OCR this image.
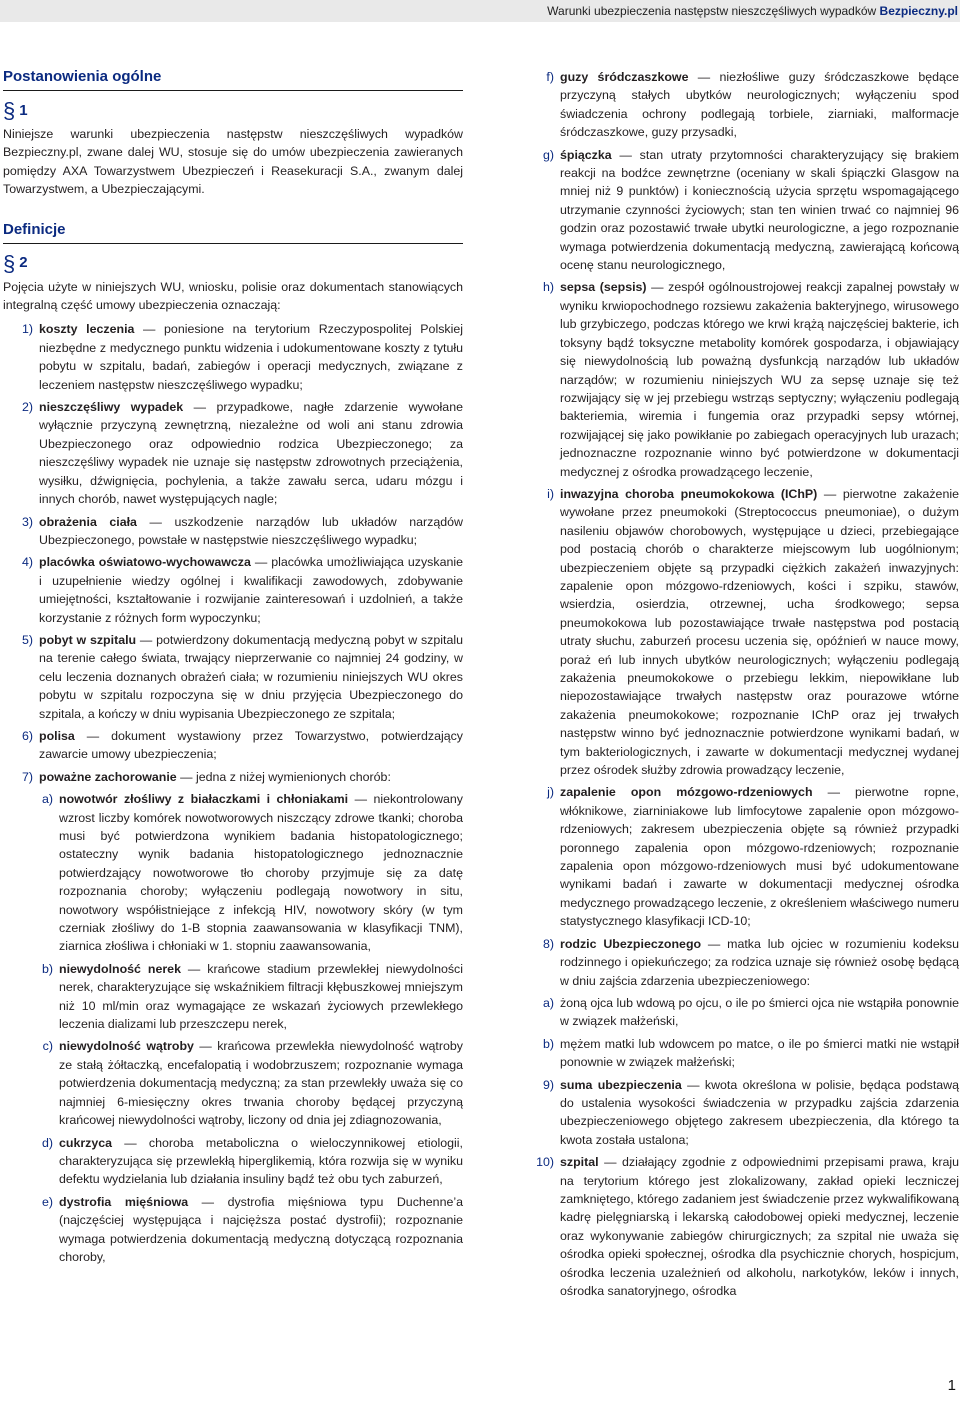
Warunki ubezpieczenia następstw nieszczęśliwych wypadków Bezpieczny.pl
Postanowienia ogólne
§ 1

Niniejsze warunki ubezpieczenia następstw nieszczęśliwych wypadków Bezpieczny.pl, zwane dalej WU, stosuje się do umów ubezpieczenia zawieranych pomiędzy AXA Towarzystwem Ubezpieczeń i Reasekuracji S.A., zwanym dalej Towarzystwem, a Ubezpieczającymi.

Definicje
§ 2

Pojęcia użyte w niniejszych WU, wniosku, polisie oraz dokumentach stanowiących integralną część umowy ubezpieczenia oznaczają:

1) koszty leczenia — poniesione na terytorium Rzeczypospolitej Polskiej niezbędne z medycznego punktu widzenia i udokumentowane koszty z tytułu pobytu w szpitalu, badań, zabiegów i operacji medycznych, związane z leczeniem następstw nieszczęśliwego wypadku;
2) nieszczęśliwy wypadek — przypadkowe, nagłe zdarzenie wywołane wyłącznie przyczyną zewnętrzną, niezależne od woli ani stanu zdrowia Ubezpieczonego oraz odpowiednio rodzica Ubezpieczonego; za nieszczęśliwy wypadek nie uznaje się następstw zdrowotnych przeciążenia, wysiłku, dźwignięcia, pochylenia, a także zawału serca, udaru mózgu i innych chorób, nawet występujących nagle;
3) obrażenia ciała — uszkodzenie narządów lub układów narządów Ubezpieczonego, powstałe w następstwie nieszczęśliwego wypadku;
4) placówka oświatowo-wychowawcza — placówka umożliwiająca uzyskanie i uzupełnienie wiedzy ogólnej i kwalifikacji zawodowych, zdobywanie umiejętności, kształtowanie i rozwijanie zainteresowań i uzdolnień, a także korzystanie z różnych form wypoczynku;
5) pobyt w szpitalu — potwierdzony dokumentacją medyczną pobyt w szpitalu na terenie całego świata, trwający nieprzerwanie co najmniej 24 godziny, w celu leczenia doznanych obrażeń ciała; w rozumieniu niniejszych WU okres pobytu w szpitalu rozpoczyna się w dniu przyjęcia Ubezpieczonego do szpitala, a kończy w dniu wypisania Ubezpieczonego ze szpitala;
6) polisa — dokument wystawiony przez Towarzystwo, potwierdzający zawarcie umowy ubezpieczenia;
7) poważne zachorowanie — jedna z niżej wymienionych chorób:
a) nowotwór złośliwy z białaczkami i chłoniakami — niekontrolowany wzrost liczby komórek nowotworowych niszczący zdrowe tkanki; choroba musi być potwierdzona wynikiem badania histopatologicznego; ostateczny wynik badania histopatologicznego jednoznacznie potwierdzający nowotworowe tło choroby przyjmuje się za datę rozpoznania choroby; wyłączeniu podlegają nowotwory in situ, nowotwory współistniejące z infekcją HIV, nowotwory skóry (w tym czerniak złośliwy do 1-B stopnia zaawansowania w klasyfikacji TNM), ziarnica złośliwa i chłoniaki w 1. stopniu zaawansowania,
b) niewydolność nerek — krańcowe stadium przewlekłej niewydolności nerek, charakteryzujące się wskaźnikiem filtracji kłębuszkowej mniejszym niż 10 ml/min oraz wymagające ze wskazań życiowych przewlekłego leczenia dializami lub przeszczepu nerek,
c) niewydolność wątroby — krańcowa przewlekła niewydolność wątroby ze stałą żółtaczką, encefalopatią i wodobrzuszem; rozpoznanie wymaga potwierdzenia dokumentacją medyczną; za stan przewlekły uważa się co najmniej 6-miesięczny okres trwania choroby będącej przyczyną krańcowej niewydolności wątroby, liczony od dnia jej zdiagnozowania,
d) cukrzyca — choroba metaboliczna o wieloczynnikowej etiologii, charakteryzująca się przewlekłą hiperglikemią, która rozwija się w wyniku defektu wydzielania lub działania insuliny bądź też obu tych zaburzeń,
e) dystrofia mięśniowa — dystrofia mięśniowa typu Duchenne’a (najczęściej występująca i najcięższa postać dystrofii); rozpoznanie wymaga potwierdzenia dokumentacją medyczną dotyczącą rozpoznania choroby,
f) guzy śródczaszkowe — niezłośliwe guzy śródczaszkowe będące przyczyną stałych ubytków neurologicznych; wyłączeniu spod świadczenia ochrony podlegają torbiele, ziarniaki, malformacje śródczaszkowe, guzy przysadki,
g) śpiączka — stan utraty przytomności charakteryzujący się brakiem reakcji na bodźce zewnętrzne (oceniany w skali śpiączki Glasgow na mniej niż 9 punktów) i koniecznością użycia sprzętu wspomagającego utrzymanie czynności życiowych; stan ten winien trwać co najmniej 96 godzin oraz pozostawić trwałe ubytki neurologiczne, a jego rozpoznanie wymaga potwierdzenia dokumentacją medyczną, zawierającą końcową ocenę stanu neurologicznego,
h) sepsa (sepsis) — zespół ogólnoustrojowej reakcji zapalnej powstały w wyniku krwiopochodnego rozsiewu zakażenia bakteryjnego, wirusowego lub grzybiczego, podczas którego we krwi krążą najczęściej bakterie, ich toksyny bądź toksyczne metabolity komórek gospodarza, i objawiający się niewydolnością lub poważną dysfunkcją narządów lub układów narządów; w rozumieniu niniejszych WU za sepsę uznaje się też rozwijający się w jej przebiegu wstrząs septyczny; wyłączeniu podlegają bakteriemia, wiremia i fungemia oraz przypadki sepsy wtórnej, rozwijającej się jako powikłanie po zabiegach operacyjnych lub urazach; jednoznaczne rozpoznanie winno być potwierdzone w dokumentacji medycznej z ośrodka prowadzącego leczenie,
i) inwazyjna choroba pneumokokowa (IChP) — pierwotne zakażenie wywołane przez pneumokoki (Streptococcus pneumoniae), o dużym nasileniu objawów chorobowych, występujące u dzieci, przebiegające pod postacią chorób o charakterze miejscowym lub uogólnionym; ubezpieczeniem objęte są przypadki ciężkich zakażeń inwazyjnych: zapalenie opon mózgowo-rdzeniowych, kości i szpiku, stawów, wsierdzia, osierdzia, otrzewnej, ucha środkowego; sepsa pneumokokowa lub pozostawiające trwałe następstwa pod postacią utraty słuchu, zaburzeń procesu uczenia się, opóźnień w nauce mowy, poraż eń lub innych ubytków neurologicznych; wyłączeniu podlegają zakażenia pneumokokowe o przebiegu lekkim, niepowikłane lub niepozostawiające trwałych następstw oraz pourazowe wtórne zakażenia pneumokokowe; rozpoznanie IChP oraz jej trwałych następstw winno być jednoznacznie potwierdzone wynikami badań, w tym bakteriologicznych, i zawarte w dokumentacji medycznej wydanej przez ośrodek służby zdrowia prowadzący leczenie,
j) zapalenie opon mózgowo-rdzeniowych — pierwotne ropne, włóknikowe, ziarniniakowe lub limfocytowe zapalenie opon mózgowo-rdzeniowych; zakresem ubezpieczenia objęte są również przypadki poronnego zapalenia opon mózgowo-rdzeniowych; rozpoznanie zapalenia opon mózgowo-rdzeniowych musi być udokumentowane wynikami badań i zawarte w dokumentacji medycznej ośrodka medycznego prowadzącego leczenie, z określeniem właściwego numeru statystycznego klasyfikacji ICD-10;
8) rodzic Ubezpieczonego — matka lub ojciec w rozumieniu kodeksu rodzinnego i opiekuńczego; za rodzica uznaje się również osobę będącą w dniu zajścia zdarzenia ubezpieczeniowego:
a) żoną ojca lub wdową po ojcu, o ile po śmierci ojca nie wstąpiła ponownie w związek małżeński,
b) mężem matki lub wdowcem po matce, o ile po śmierci matki nie wstąpił ponownie w związek małżeński;
9) suma ubezpieczenia — kwota określona w polisie, będąca podstawą do ustalenia wysokości świadczenia w przypadku zajścia zdarzenia ubezpieczeniowego objętego zakresem ubezpieczenia, dla którego ta kwota została ustalona;
10) szpital — działający zgodnie z odpowiednimi przepisami prawa, kraju na terytorium którego jest zlokalizowany, zakład opieki leczniczej zamkniętego, którego zadaniem jest świadczenie przez wykwalifikowaną kadrę pielęgniarską i lekarską całodobowej opieki medycznej, leczenie oraz wykonywanie zabiegów chirurgicznych; za szpital nie uważa się ośrodka opieki społecznej, ośrodka dla psychicznie chorych, hospicjum, ośrodka leczenia uzależnień od alkoholu, narkotyków, leków i innych, ośrodka sanatoryjnego, ośrodka
1
